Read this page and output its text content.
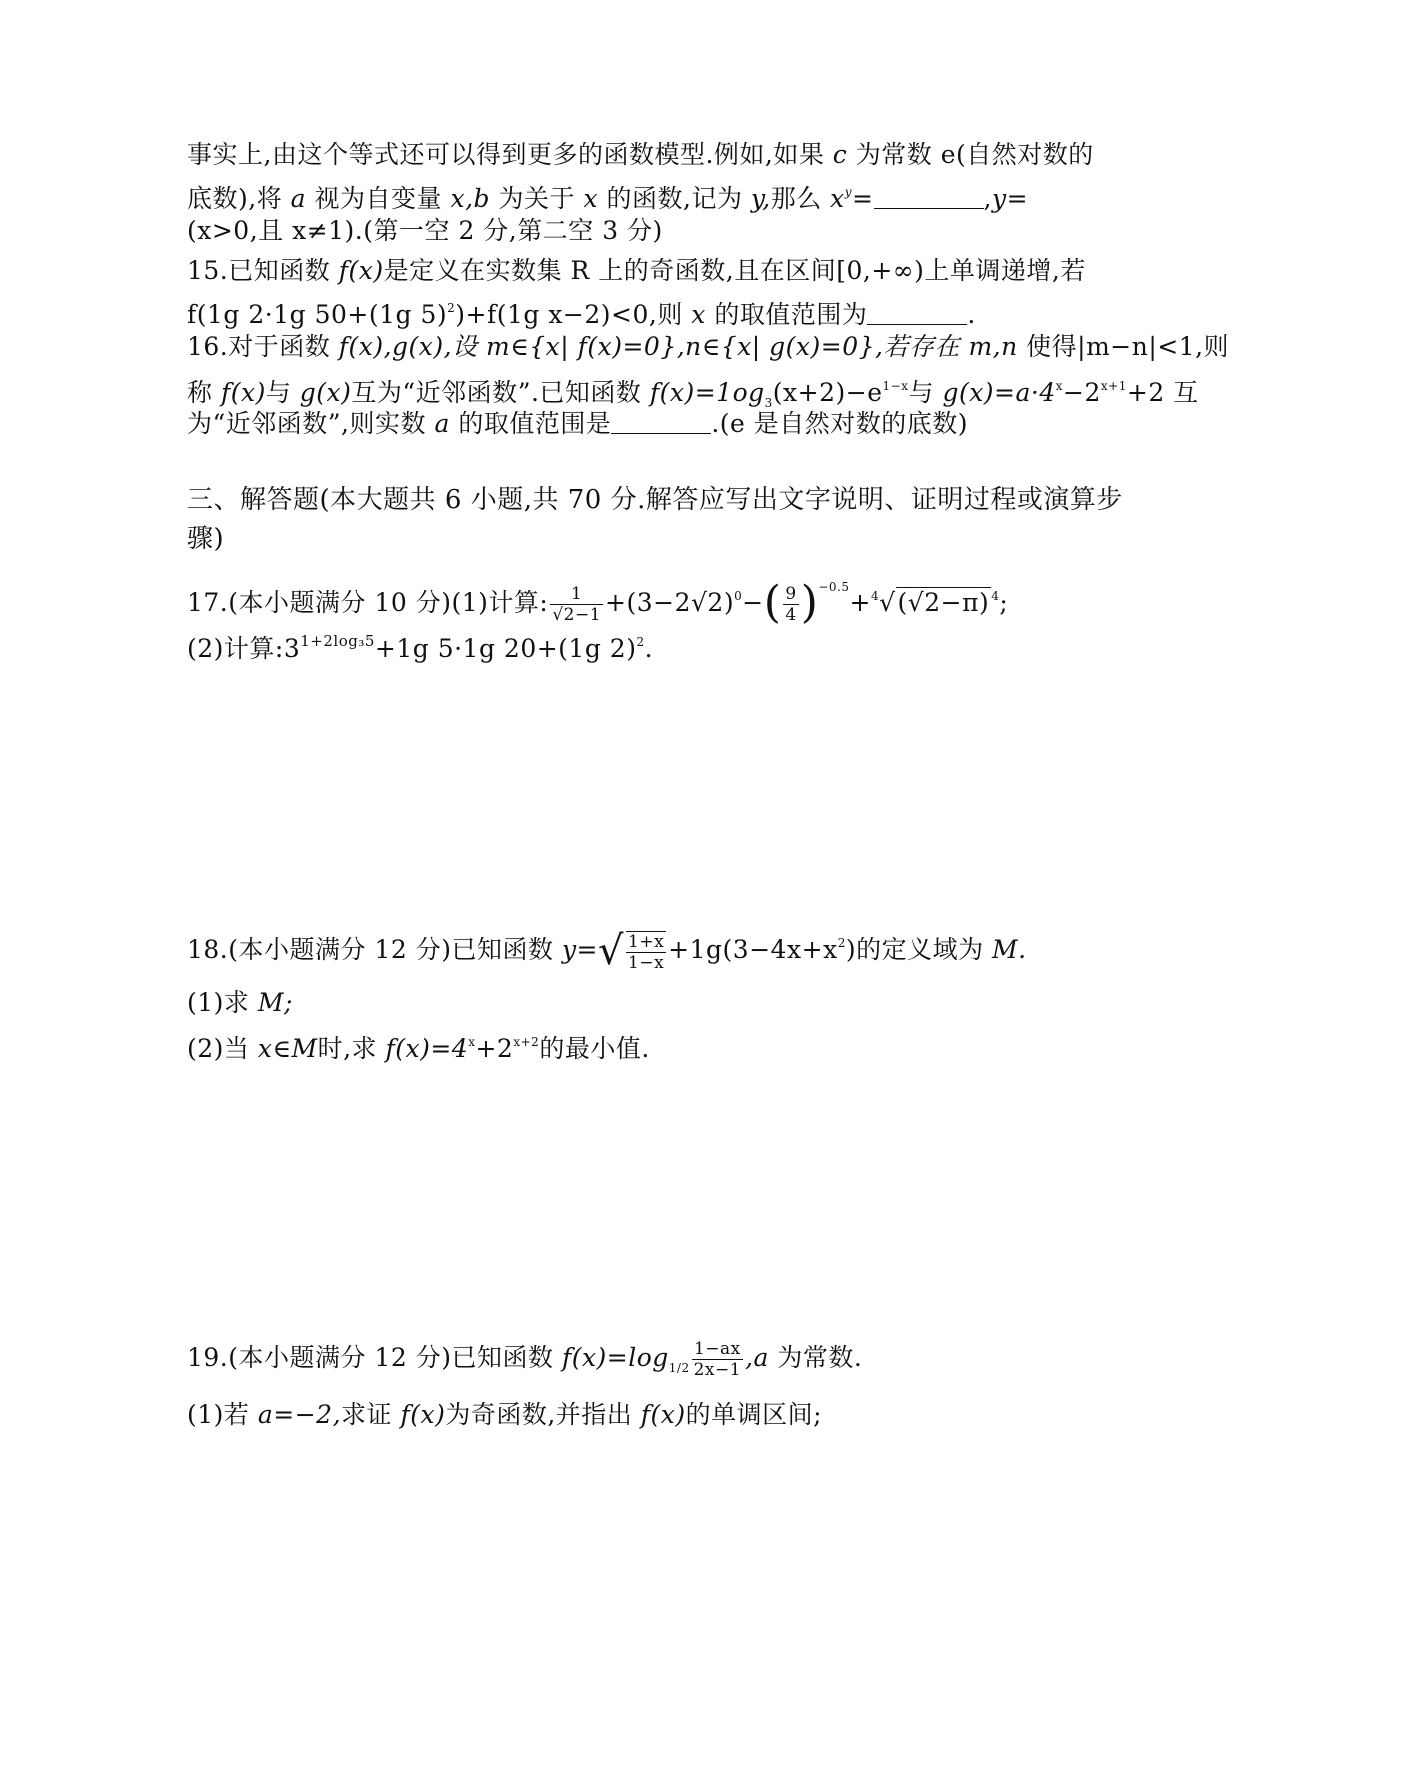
事实上,由这个等式还可以得到更多的函数模型.例如,如果 c 为常数 e(自然对数的
底数),将 a 视为自变量 x,b 为关于 x 的函数,记为 y,那么 $x^y=$	,y=
(x>0,且 x≠1).(第一空 2 分,第二空 3 分)
15.已知函数 f(x)是定义在实数集 R 上的奇函数,且在区间[0,+∞)上单调递增,若
f(1g 2·1g 50+(1g 5)$^2$)+f(1g x−2)<0,则 x 的取值范围为	.
16.对于函数 f(x),g(x),设 m∈{x| f(x)=0},n∈{x| g(x)=0},若存在 m,n 使得|m−n|<1,则
称 f(x)与 g(x)互为“近邻函数”.已知函数 $f(x)=1og_3(x+2)-e^{1-x}$与 $g(x)=a\cdot 4^x-2^{x+1}+2$ 互
为“近邻函数”,则实数 a 的取值范围是	.(e 是自然对数的底数)
三、解答题(本大题共 6 小题,共 70 分.解答应写出文字说明、证明过程或演算步
骤)
17.(本小题满分 10 分)(1)计算: $\frac{1}{√2-1} +(3-2√2)^0-( \frac{9}{4} )^{-0.5}+^4√(√2-\pi)$ $^4$;
(2)计算$:3^{1+2log_35}+1g$ 5·1g 20+(1g 2)$^2$.
18.(本小题满分 12 分)已知函数 $y=√ \frac{1+x}{1-x} +1g(3-4x+x^2)$的定义域为 M.
(1)求 M;
(2)当 x∈M时,求 $f(x)=4^x+2^{x+2}$的最小值.
19.(本小题满分 12 分)已知函数 $f(x)=\log_{1/2} \frac{1-ax}{2x-1} ,a$ 为常数.
(1)若 a=−2,求证 f(x)为奇函数,并指出 f(x)的单调区间;
